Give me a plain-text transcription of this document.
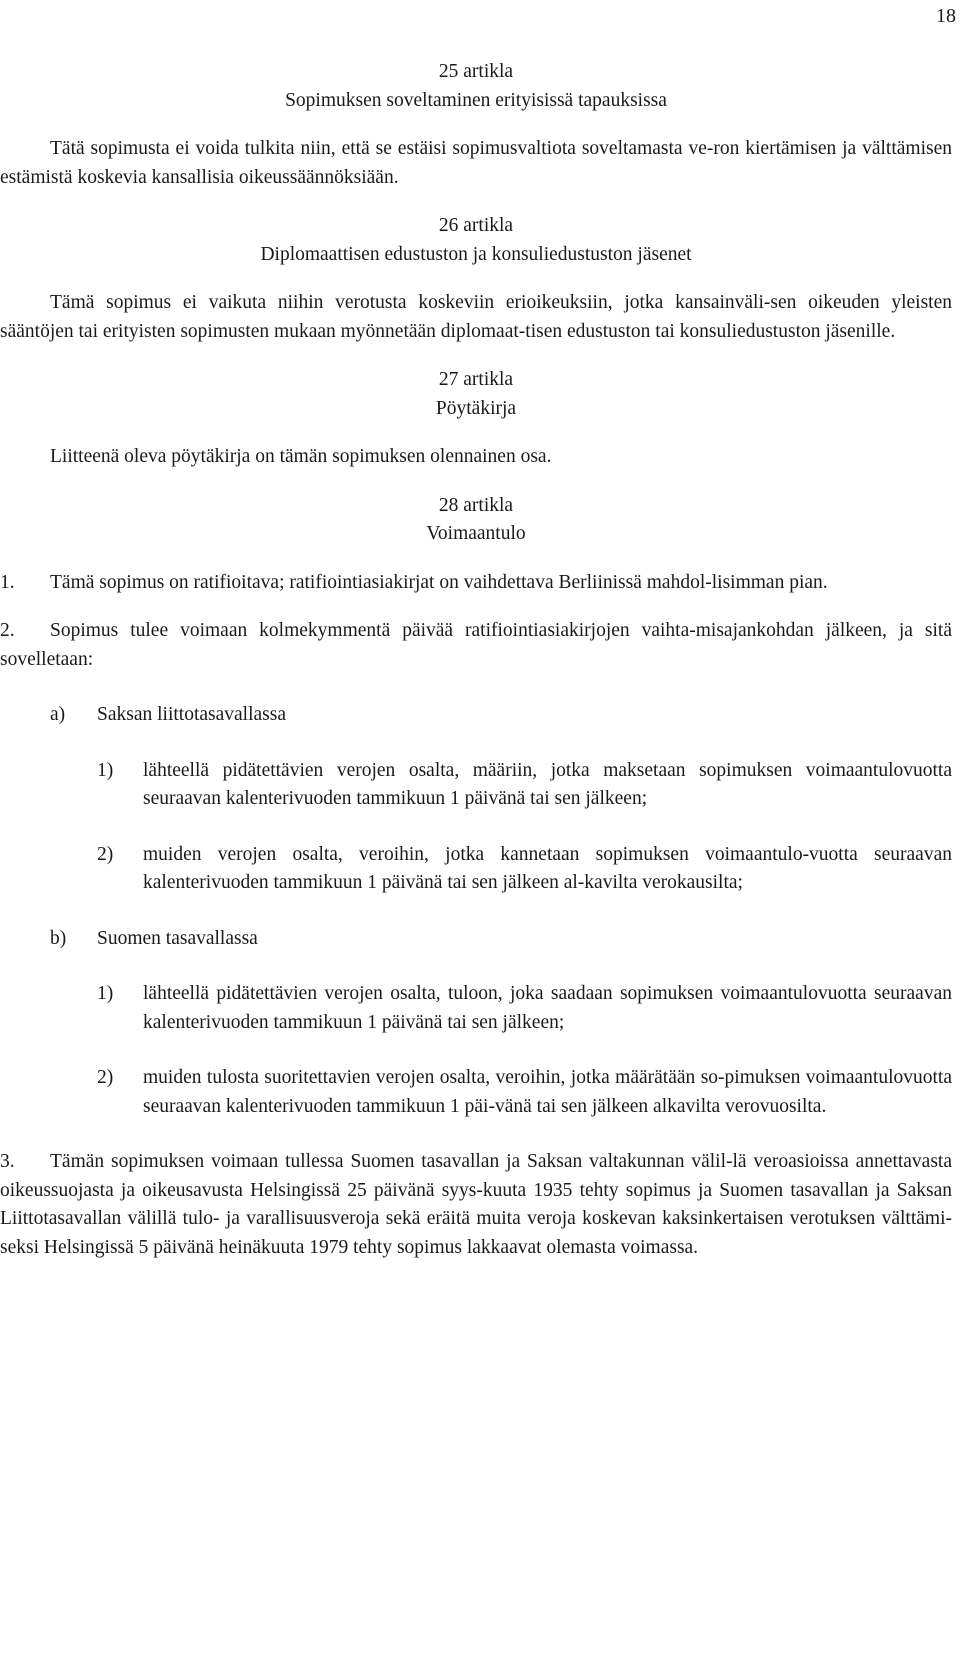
18
25 artikla
Sopimuksen soveltaminen erityisissä tapauksissa

Tätä sopimusta ei voida tulkita niin, että se estäisi sopimusvaltiota soveltamasta ve-ron kiertämisen ja välttämisen estämistä koskevia kansallisia oikeussäännöksiään.

26 artikla
Diplomaattisen edustuston ja konsuliedustuston jäsenet

Tämä sopimus ei vaikuta niihin verotusta koskeviin erioikeuksiin, jotka kansainväli-sen oikeuden yleisten sääntöjen tai erityisten sopimusten mukaan myönnetään diplomaat-tisen edustuston tai konsuliedustuston jäsenille.

27 artikla
Pöytäkirja

Liitteenä oleva pöytäkirja on tämän sopimuksen olennainen osa.

28 artikla
Voimaantulo

1. Tämä sopimus on ratifioitava; ratifiointiasiakirjat on vaihdettava Berliinissä mahdol-lisimman pian.

2. Sopimus tulee voimaan kolmekymmentä päivää ratifiointiasiakirjojen vaihta-misajankohdan jälkeen, ja sitä sovelletaan:

a)	Saksan liittotasavallassa
1)	lähteellä pidätettävien verojen osalta, määriin, jotka maksetaan sopimuksen voimaantulovuotta seuraavan kalenterivuoden tammikuun 1 päivänä tai sen jälkeen;
2)	muiden verojen osalta, veroihin, jotka kannetaan sopimuksen voimaantulo-vuotta seuraavan kalenterivuoden tammikuun 1 päivänä tai sen jälkeen al-kavilta verokausilta;
b)	Suomen tasavallassa
1)	lähteellä pidätettävien verojen osalta, tuloon, joka saadaan sopimuksen voimaantulovuotta seuraavan kalenterivuoden tammikuun 1 päivänä tai sen jälkeen;
2)	muiden tulosta suoritettavien verojen osalta, veroihin, jotka määrätään so-pimuksen voimaantulovuotta seuraavan kalenterivuoden tammikuun 1 päi-vänä tai sen jälkeen alkavilta verovuosilta.

3. Tämän sopimuksen voimaan tullessa Suomen tasavallan ja Saksan valtakunnan välil-lä veroasioissa annettavasta oikeussuojasta ja oikeusavusta Helsingissä 25 päivänä syys-kuuta 1935 tehty sopimus ja Suomen tasavallan ja Saksan Liittotasavallan välillä tulo- ja varallisuusveroja sekä eräitä muita veroja koskevan kaksinkertaisen verotuksen välttämi-seksi Helsingissä 5 päivänä heinäkuuta 1979 tehty sopimus lakkaavat olemasta voimassa.
